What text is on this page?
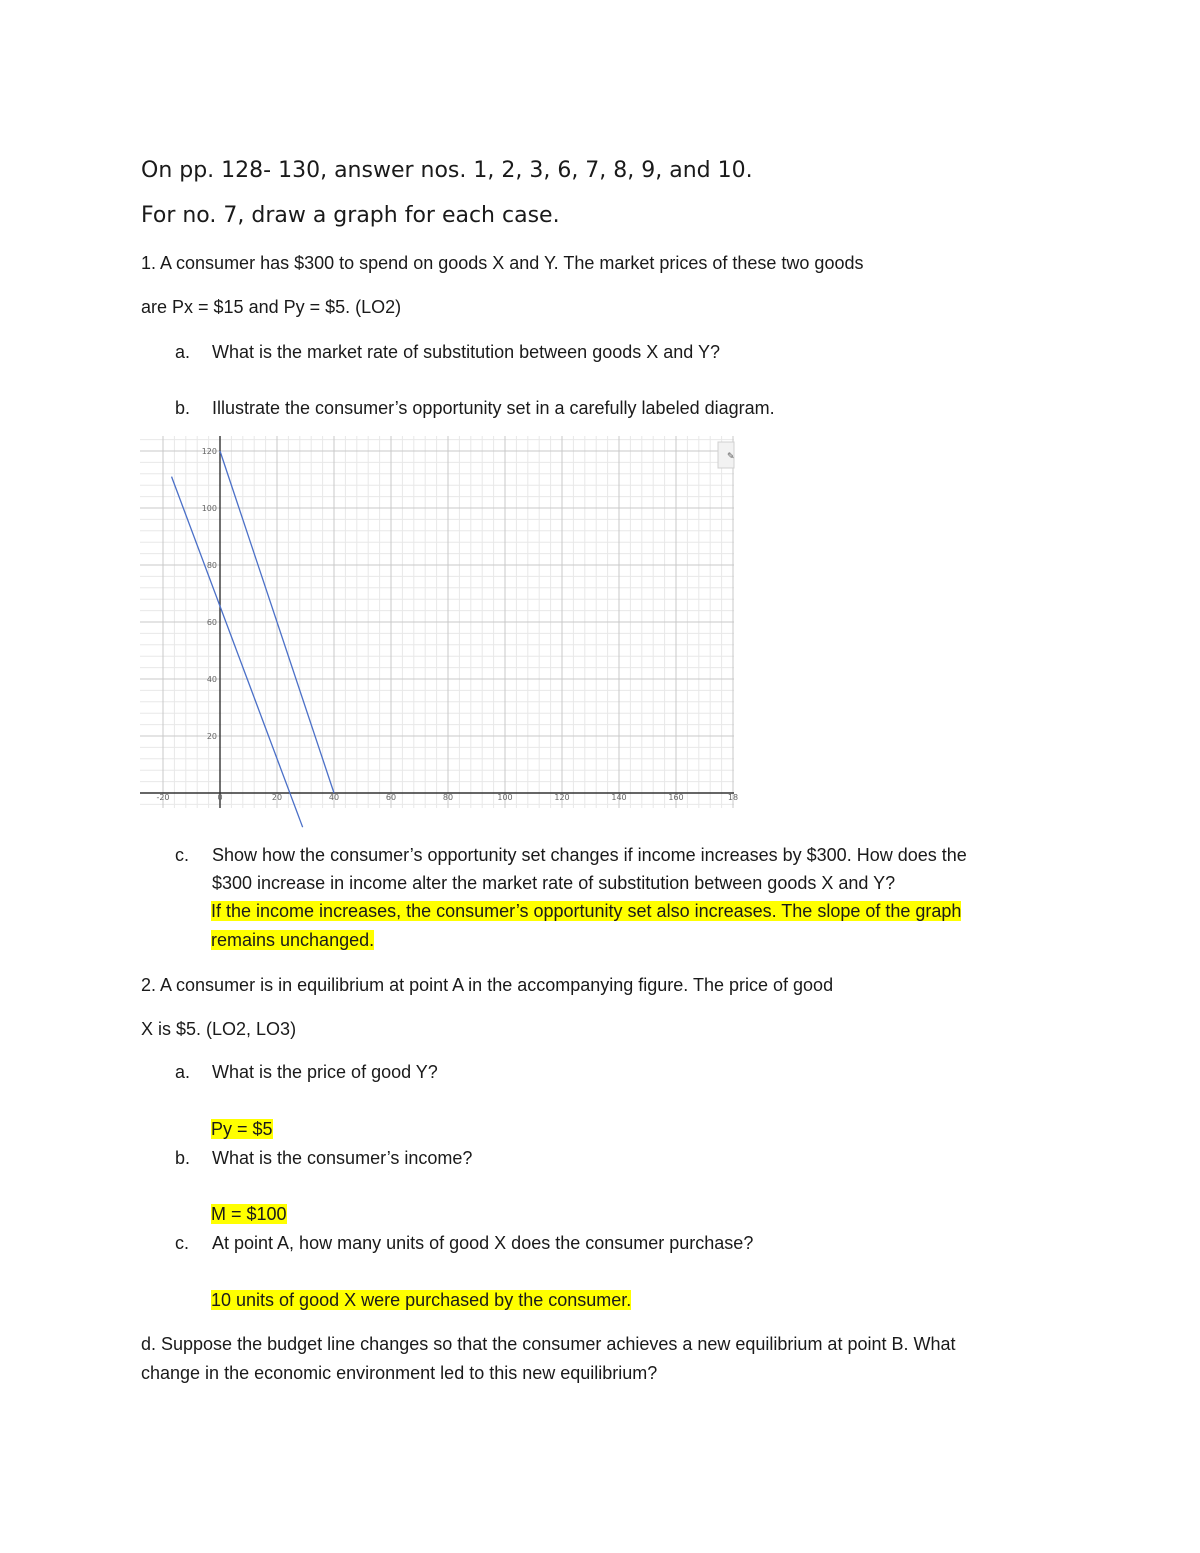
On pp. 128- 130, answer nos. 1, 2, 3, 6, 7, 8, 9, and 10.
For no. 7, draw a graph for each case.
1. A consumer has $300 to spend on goods X and Y. The market prices of these two goods
are Px = $15 and Py = $5. (LO2)
a. What is the market rate of substitution between goods X and Y?
b. Illustrate the consumer’s opportunity set in a carefully labeled diagram.
-20	0	20	40	60	80	100	120	140	160	18
20
40
60
80
100
120
✎
c. Show how the consumer’s opportunity set changes if income increases by $300. How does the
$300 increase in income alter the market rate of substitution between goods X and Y?
If the income increases, the consumer’s opportunity set also increases. The slope of the graph
remains unchanged.
2. A consumer is in equilibrium at point A in the accompanying figure. The price of good
X is $5. (LO2, LO3)
a. What is the price of good Y?
Py = $5
b. What is the consumer’s income?
M = $100
c. At point A, how many units of good X does the consumer purchase?
10 units of good X were purchased by the consumer.
d. Suppose the budget line changes so that the consumer achieves a new equilibrium at point B. What
change in the economic environment led to this new equilibrium?
